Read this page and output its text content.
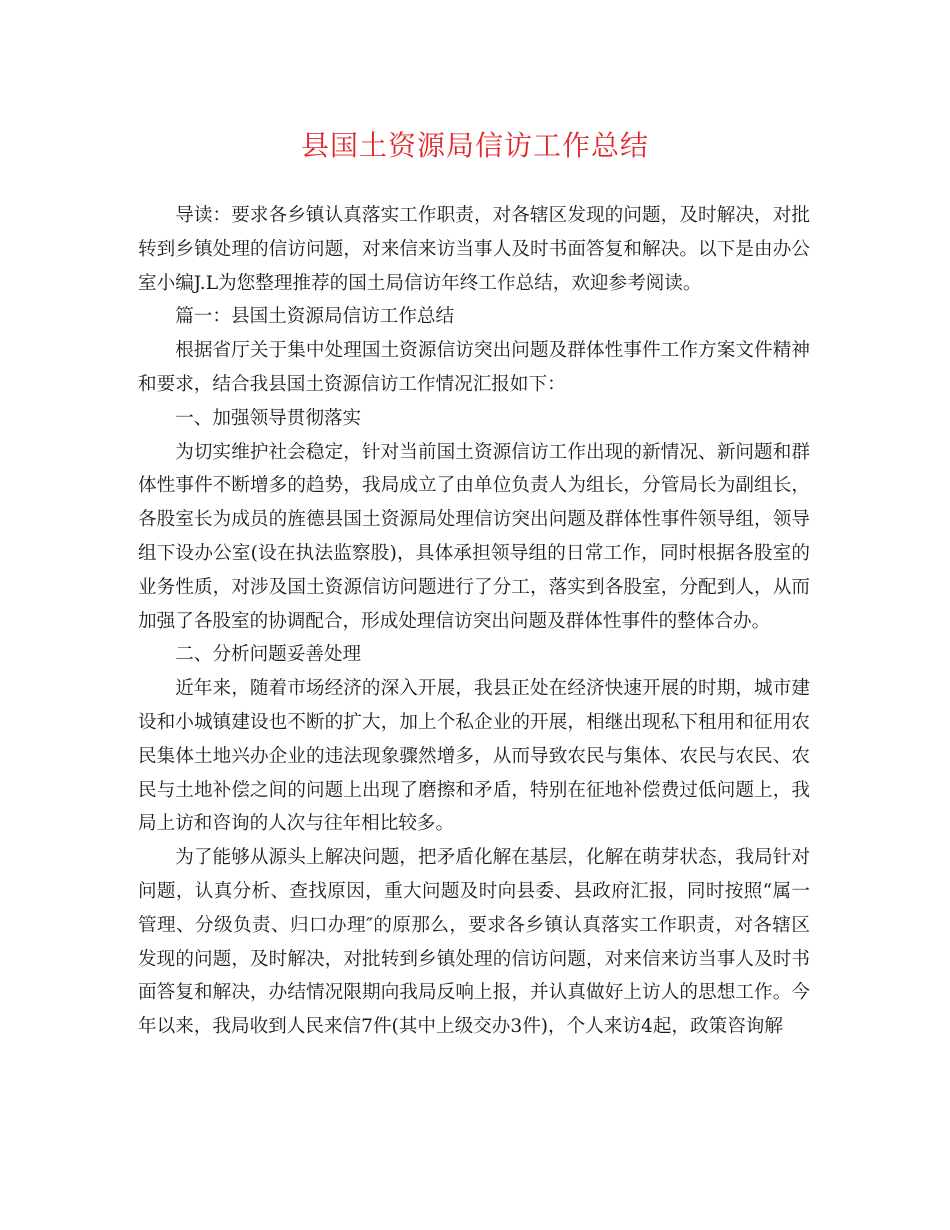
县国土资源局信访工作总结

导读：要求各乡镇认真落实工作职责，对各辖区发现的问题，及时解决，对批转到乡镇处理的信访问题，对来信来访当事人及时书面答复和解决。以下是由办公室小编J.L为您整理推荐的国土局信访年终工作总结，欢迎参考阅读。

篇一：县国土资源局信访工作总结

根据省厅关于集中处理国土资源信访突出问题及群体性事件工作方案文件精神和要求，结合我县国土资源信访工作情况汇报如下：

一、加强领导贯彻落实

为切实维护社会稳定，针对当前国土资源信访工作出现的新情况、新问题和群体性事件不断增多的趋势，我局成立了由单位负责人为组长，分管局长为副组长，各股室长为成员的旌德县国土资源局处理信访突出问题及群体性事件领导组，领导组下设办公室(设在执法监察股)，具体承担领导组的日常工作，同时根据各股室的业务性质，对涉及国土资源信访问题进行了分工，落实到各股室，分配到人，从而加强了各股室的协调配合，形成处理信访突出问题及群体性事件的整体合办。

二、分析问题妥善处理

近年来，随着市场经济的深入开展，我县正处在经济快速开展的时期，城市建设和小城镇建设也不断的扩大，加上个私企业的开展，相继出现私下租用和征用农民集体土地兴办企业的违法现象骤然增多，从而导致农民与集体、农民与农民、农民与土地补偿之间的问题上出现了磨擦和矛盾，特别在征地补偿费过低问题上，我局上访和咨询的人次与往年相比较多。

为了能够从源头上解决问题，把矛盾化解在基层，化解在萌芽状态，我局针对问题，认真分析、查找原因，重大问题及时向县委、县政府汇报，同时按照“属一管理、分级负责、归口办理″的原那么，要求各乡镇认真落实工作职责，对各辖区发现的问题，及时解决，对批转到乡镇处理的信访问题，对来信来访当事人及时书面答复和解决，办结情况限期向我局反响上报，并认真做好上访人的思想工作。今年以来，我局收到人民来信7件(其中上级交办3件)，个人来访4起，政策咨询解
